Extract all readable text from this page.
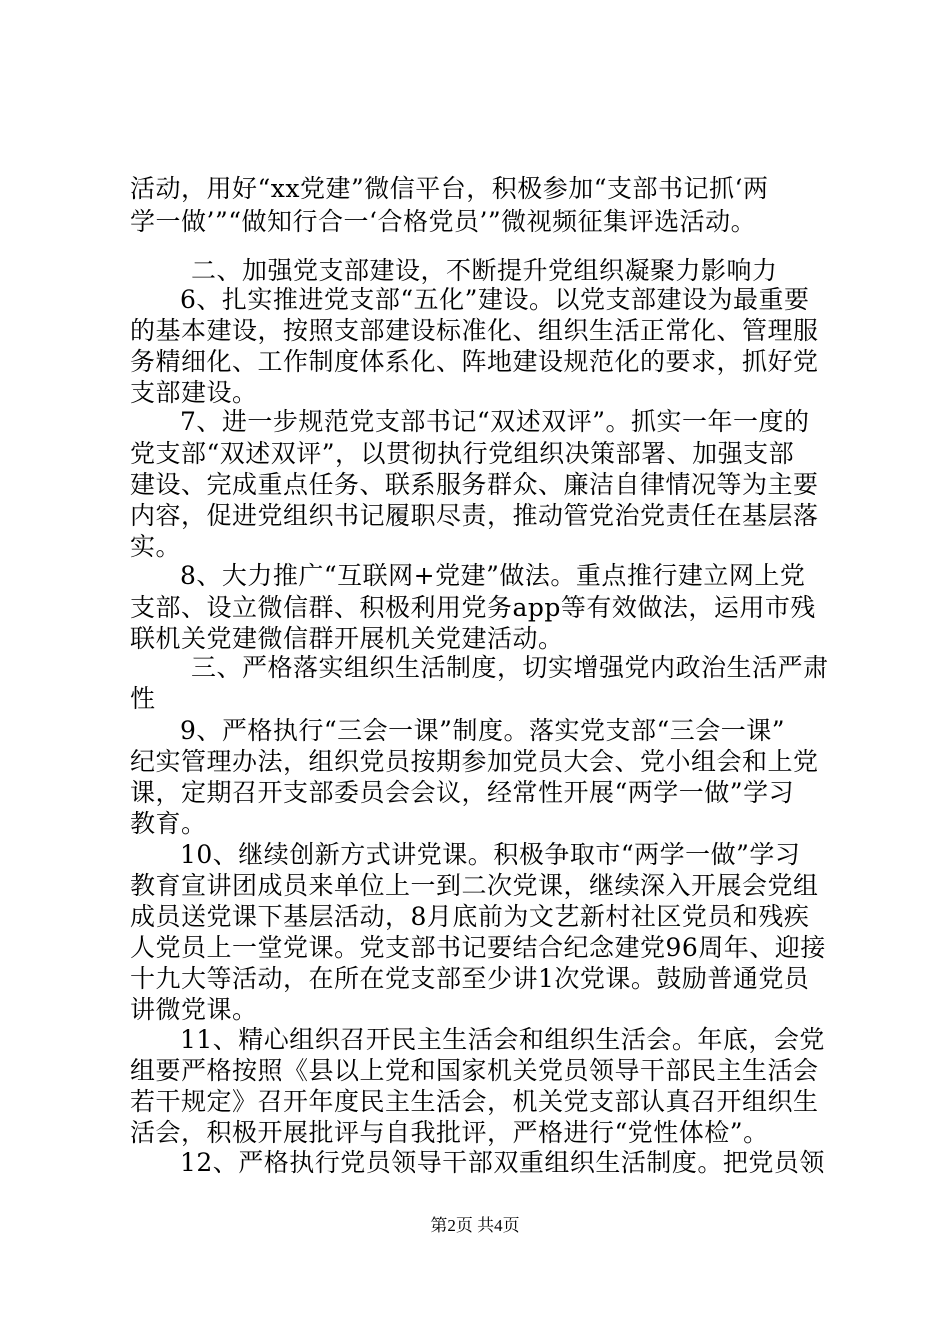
活动，用好“xx党建”微信平台，积极参加“支部书记抓‘两
学一做’”“做知行合一‘合格党员’”微视频征集评选活动。
二、加强党支部建设，不断提升党组织凝聚力影响力
6、扎实推进党支部“五化”建设。以党支部建设为最重要
的基本建设，按照支部建设标准化、组织生活正常化、管理服
务精细化、工作制度体系化、阵地建设规范化的要求，抓好党
支部建设。
7、进一步规范党支部书记“双述双评”。抓实一年一度的
党支部“双述双评”，以贯彻执行党组织决策部署、加强支部
建设、完成重点任务、联系服务群众、廉洁自律情况等为主要
内容，促进党组织书记履职尽责，推动管党治党责任在基层落
实。
8、大力推广“互联网+党建”做法。重点推行建立网上党
支部、设立微信群、积极利用党务app等有效做法，运用市残
联机关党建微信群开展机关党建活动。
三、严格落实组织生活制度，切实增强党内政治生活严肃
性
9、严格执行“三会一课”制度。落实党支部“三会一课”
纪实管理办法，组织党员按期参加党员大会、党小组会和上党
课，定期召开支部委员会会议，经常性开展“两学一做”学习
教育。
10、继续创新方式讲党课。积极争取市“两学一做”学习
教育宣讲团成员来单位上一到二次党课，继续深入开展会党组
成员送党课下基层活动，8月底前为文艺新村社区党员和残疾
人党员上一堂党课。党支部书记要结合纪念建党96周年、迎接
十九大等活动，在所在党支部至少讲1次党课。鼓励普通党员
讲微党课。
11、精心组织召开民主生活会和组织生活会。年底，会党
组要严格按照《县以上党和国家机关党员领导干部民主生活会
若干规定》召开年度民主生活会，机关党支部认真召开组织生
活会，积极开展批评与自我批评，严格进行“党性体检”。
12、严格执行党员领导干部双重组织生活制度。把党员领
第2页 共4页
